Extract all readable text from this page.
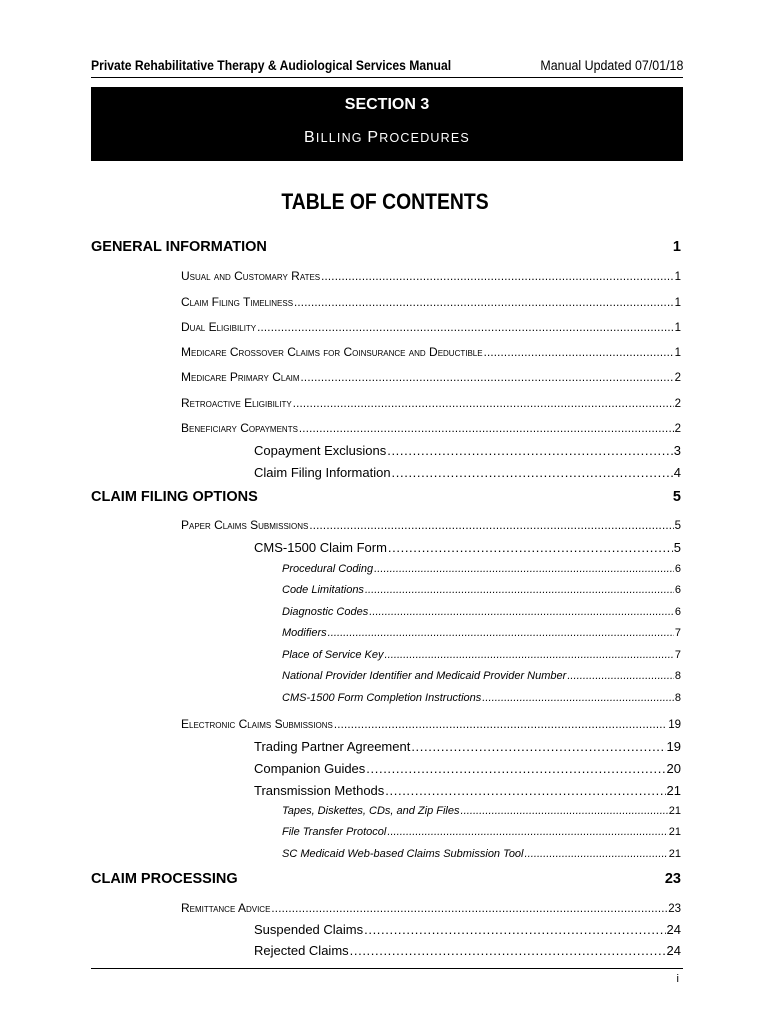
Private Rehabilitative Therapy & Audiological Services Manual	Manual Updated 07/01/18
SECTION 3
BILLING PROCEDURES
TABLE OF CONTENTS
GENERAL INFORMATION	1
Usual and Customary Rates . . .	1
Claim Filing Timeliness . . .	1
Dual Eligibility . . .	1
Medicare Crossover Claims for Coinsurance and Deductible . . .	1
Medicare Primary Claim . . .	2
Retroactive Eligibility . . .	2
Beneficiary Copayments . . .	2
Copayment Exclusions . . .	3
Claim Filing Information . . .	4
CLAIM FILING OPTIONS	5
Paper Claims Submissions . . .	5
CMS-1500 Claim Form . . .	5
Procedural Coding . . .	6
Code Limitations . . .	6
Diagnostic Codes . . .	6
Modifiers . . .	7
Place of Service Key . . .	7
National Provider Identifier and Medicaid Provider Number . . .	8
CMS-1500 Form Completion Instructions . . .	8
Electronic Claims Submissions . . .	19
Trading Partner Agreement . . .	19
Companion Guides . . .	20
Transmission Methods . . .	21
Tapes, Diskettes, CDs, and Zip Files . . .	21
File Transfer Protocol . . .	21
SC Medicaid Web-based Claims Submission Tool . . .	21
CLAIM PROCESSING	23
Remittance Advice . . .	23
Suspended Claims . . .	24
Rejected Claims . . .	24
i
